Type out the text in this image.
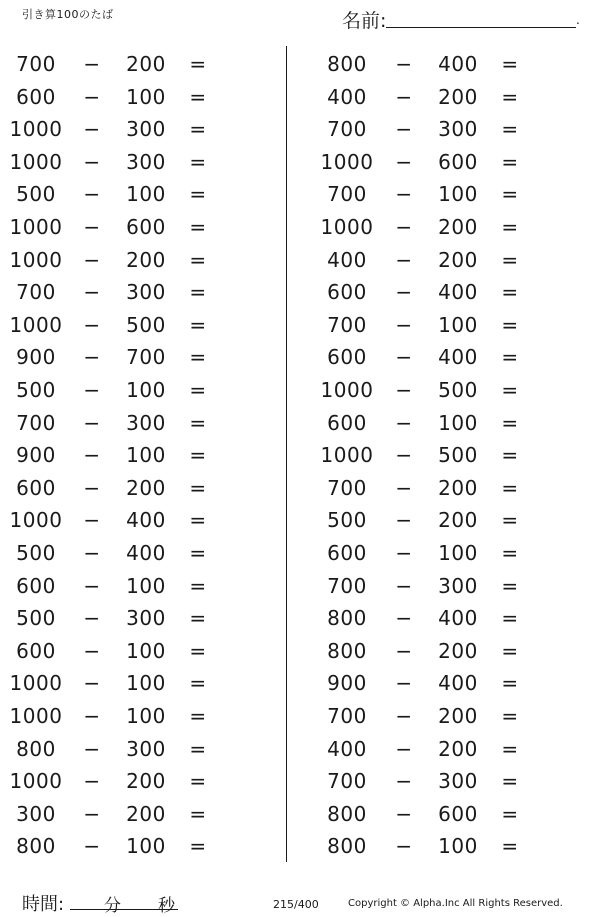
引き算100のたば	名前:	.
700	−	200	=
600	−	100	=
1000 −	300	=
1000 −	300	=
500	−	100	=
1000 −	600	=
1000 −	200	=
700	−	300	=
1000 −	500	=
900	−	700	=
500	−	100	=
700	−	300	=
900	−	100	=
600	−	200	=
1000 −	400	=
500	−	400	=
600	−	100	=
500	−	300	=
600	−	100	=
1000 −	100	=
1000 −	100	=
800	−	300	=
1000 −	200	=
300	−	200	=
800	−	100	=
800	−	400	=
400	−	200	=
700	−	300	=
1000 −	600	=
700	−	100	=
1000 −	200	=
400	−	200	=
600	−	400	=
700	−	100	=
600	−	400	=
1000 −	500	=
600	−	100	=
1000 −	500	=
700	−	200	=
500	−	200	=
600	−	100	=
700	−	300	=
800	−	400	=
800	−	200	=
900	−	400	=
700	−	200	=
400	−	200	=
700	−	300	=
800	−	600	=
800	−	100	=
時間: 分 秒	215/400	Copyright © Alpha.Inc All Rights Reserved.
